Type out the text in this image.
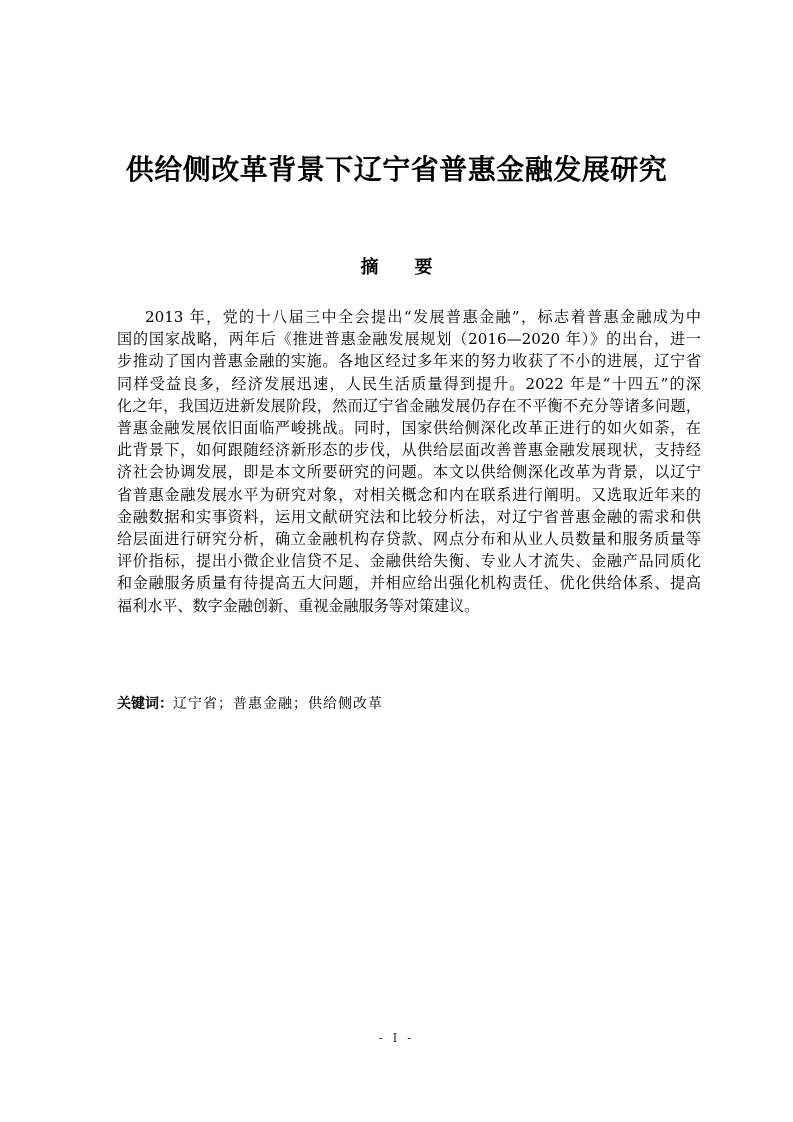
供给侧改革背景下辽宁省普惠金融发展研究
摘 要
2013 年，党的十八届三中全会提出“发展普惠金融”，标志着普惠金融成为中
国的国家战略，两年后《推进普惠金融发展规划（2016—2020 年）》的出台，进一
步推动了国内普惠金融的实施。各地区经过多年来的努力收获了不小的进展，辽宁省
同样受益良多，经济发展迅速，人民生活质量得到提升。2022 年是“十四五”的深
化之年，我国迈进新发展阶段，然而辽宁省金融发展仍存在不平衡不充分等诸多问题，
普惠金融发展依旧面临严峻挑战。同时，国家供给侧深化改革正进行的如火如荼，在
此背景下，如何跟随经济新形态的步伐，从供给层面改善普惠金融发展现状，支持经
济社会协调发展，即是本文所要研究的问题。本文以供给侧深化改革为背景，以辽宁
省普惠金融发展水平为研究对象，对相关概念和内在联系进行阐明。又选取近年来的
金融数据和实事资料，运用文献研究法和比较分析法，对辽宁省普惠金融的需求和供
给层面进行研究分析，确立金融机构存贷款、网点分布和从业人员数量和服务质量等
评价指标，提出小微企业信贷不足、金融供给失衡、专业人才流失、金融产品同质化
和金融服务质量有待提高五大问题，并相应给出强化机构责任、优化供给体系、提高
福利水平、数字金融创新、重视金融服务等对策建议。
关键词：辽宁省；普惠金融；供给侧改革
- I -
